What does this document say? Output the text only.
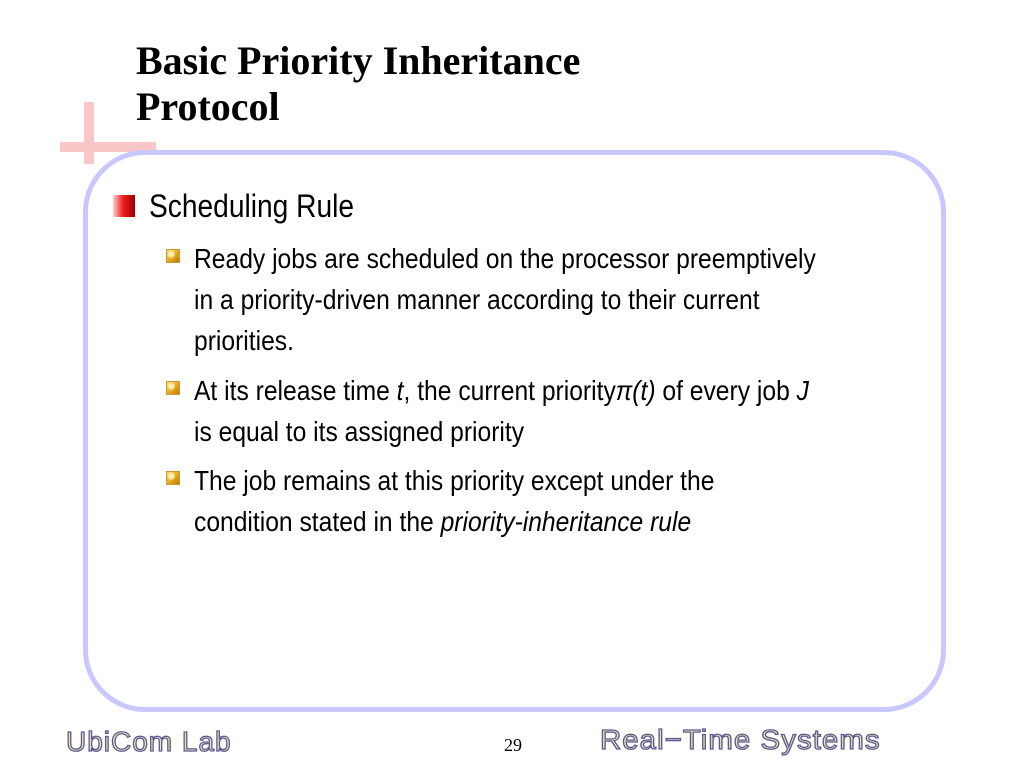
Basic Priority Inheritance
Protocol
Scheduling Rule
Ready jobs are scheduled on the processor preemptively
in a priority-driven manner according to their current
priorities.
At its release time t, the current priorityπ(t) of every job J
is equal to its assigned priority
The job remains at this priority except under the
condition stated in the priority-inheritance rule
UbiCom Lab	29	Real−Time Systems
